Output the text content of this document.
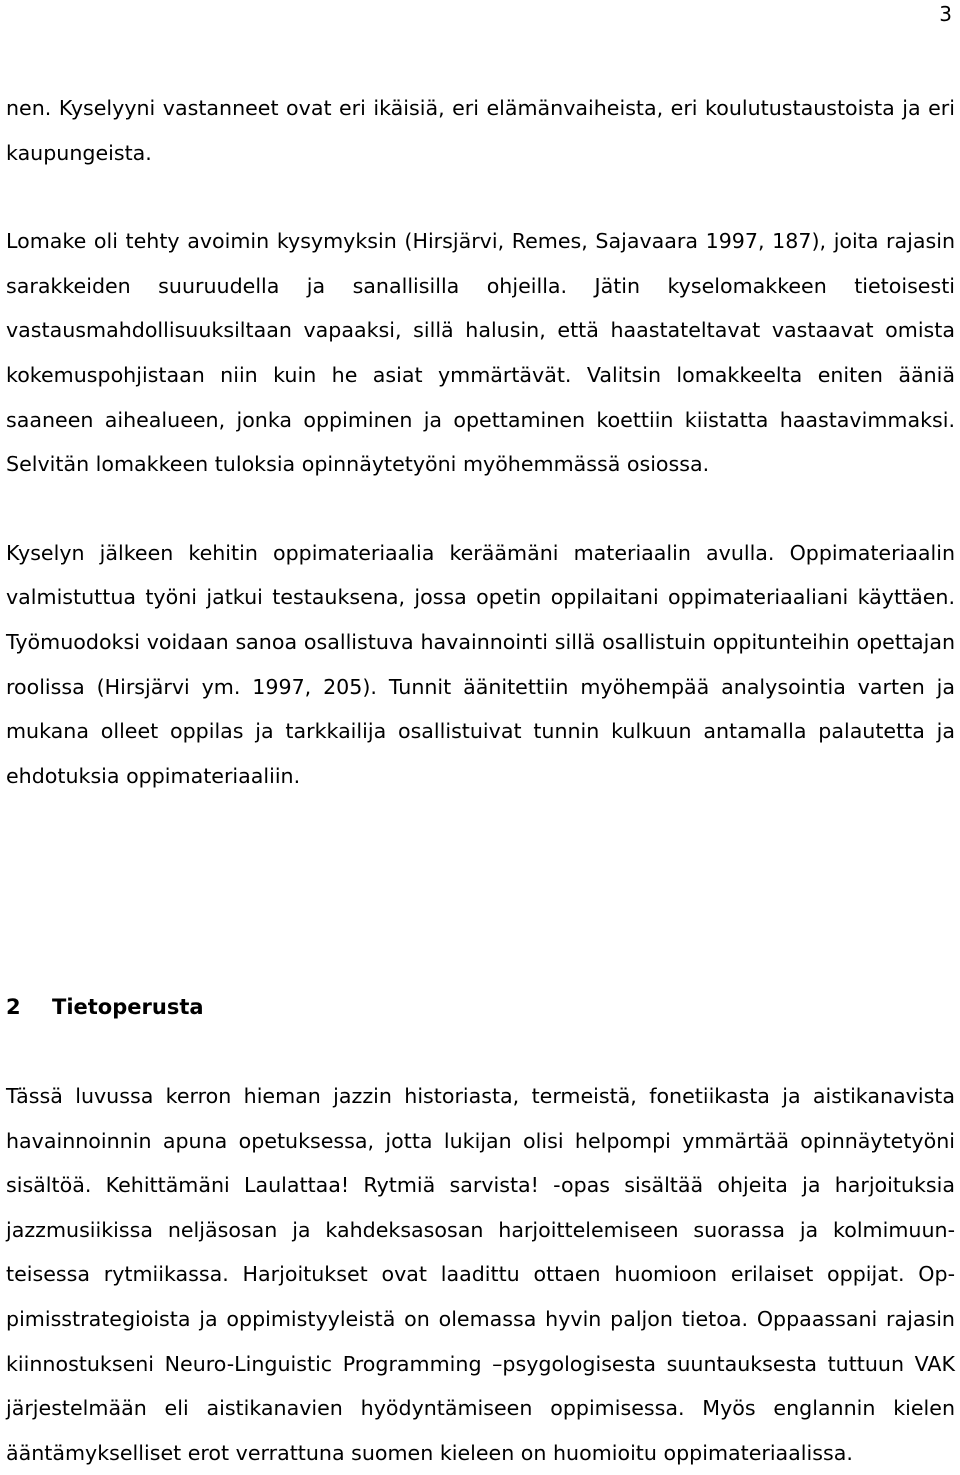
3

nen. Kyselyyni vastanneet ovat eri ikäisiä, eri elämänvaiheista, eri koulutustaustoista ja eri kaupungeista.

Lomake oli tehty avoimin kysymyksin (Hirsjärvi, Remes, Sajavaara 1997, 187), joita rajasin sarakkeiden suuruudella ja sanallisilla ohjeilla. Jätin kyselomakkeen tietoisesti vastausmahdollisuuksiltaan vapaaksi, sillä halusin, että haastateltavat vastaavat omista kokemuspohjistaan niin kuin he asiat ymmärtävät. Valitsin lomakkeelta eniten ääniä saaneen aihealueen, jonka oppiminen ja opettaminen koettiin kiistatta haastavimmaksi. Selvitän lomakkeen tuloksia opinnäytetyöni myöhemmässä osiossa.

Kyselyn jälkeen kehitin oppimateriaalia keräämäni materiaalin avulla. Oppimateriaalin valmistuttua työni jatkui testauksena, jossa opetin oppilaitani oppimateriaaliani käyttäen. Työmuodoksi voidaan sanoa osallistuva havainnointi sillä osallistuin oppitunteihin opettajan roolissa (Hirsjärvi ym. 1997, 205). Tunnit äänitettiin myöhempää analysointia varten ja mukana olleet oppilas ja tarkkailija osallistuivat tunnin kulkuun antamalla palautetta ja ehdotuksia oppimateriaaliin.

2 Tietoperusta

Tässä luvussa kerron hieman jazzin historiasta, termeistä, fonetiikasta ja aistikanavista havainnoinnin apuna opetuksessa, jotta lukijan olisi helpompi ymmärtää opinnäytetyöni sisältöä. Kehittämäni Laulattaa! Rytmiä sarvista! -opas sisältää ohjeita ja harjoituksia jazzmusiikissa neljäsosan ja kahdeksasosan harjoittelemiseen suorassa ja kolmimuunteisessa rytmiikassa. Harjoitukset ovat laadittu ottaen huomioon erilaiset oppijat. Oppimisstrategioista ja oppimistyyleistä on olemassa hyvin paljon tietoa. Oppaassani rajasin kiinnostukseni Neuro-Linguistic Programming –psygologisesta suuntauksesta tuttuun VAK järjestelmään eli aistikanavien hyödyntämiseen oppimisessa. Myös englannin kielen ääntämykselliset erot verrattuna suomen kieleen on huomioitu oppimateriaalissa.
